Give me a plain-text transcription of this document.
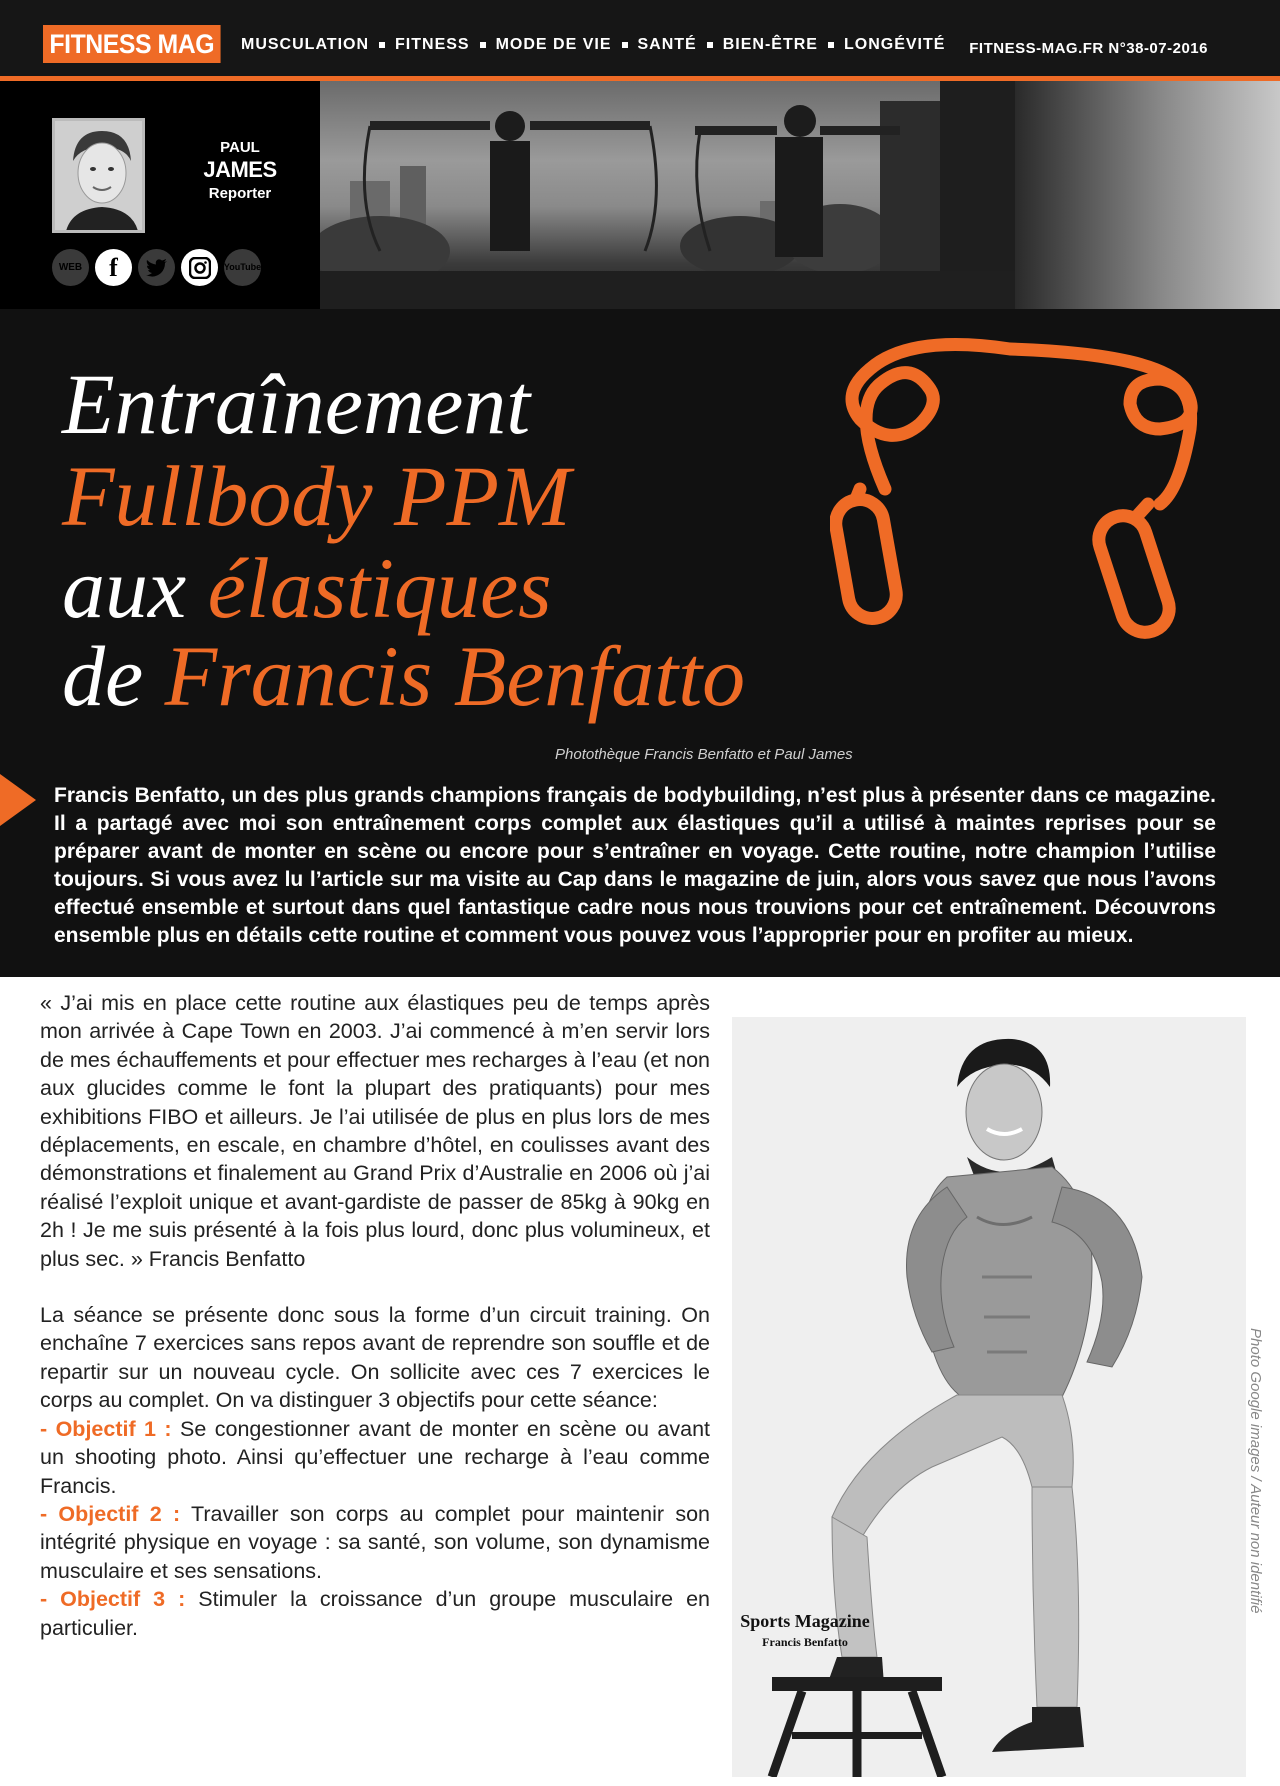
FITNESS MAG	MUSCULATION FITNESS MODE DE VIE SANTÉ BIEN-ÊTRE LONGÉVITÉ FITNESS-MAG.FR N°38-07-2016
PAUL
JAMES
Reporter
WEB f	YouTube
Entraînement
Fullbody PPM
aux élastiques
de Francis Benfatto
Photothèque Francis Benfatto et Paul James
Francis Benfatto, un des plus grands champions français de bodybuilding, n’est plus à présenter dans ce magazine. Il a partagé avec moi son entraînement corps complet aux élastiques qu’il a utilisé à maintes reprises pour se préparer avant de monter en scène ou encore pour s’entraîner en voyage. Cette routine, notre champion l’utilise toujours. Si vous avez lu l’article sur ma visite au Cap dans le magazine de juin, alors vous savez que nous l’avons effectué ensemble et surtout dans quel fantastique cadre nous nous trouvions pour cet entraînement. Découvrons ensemble plus en détails cette routine et comment vous pouvez vous l’approprier pour en profiter au mieux.

« J’ai mis en place cette routine aux élastiques peu de temps après mon arrivée à Cape Town en 2003. J’ai commencé à m’en servir lors de mes échauffements et pour effectuer mes recharges à l’eau (et non aux glucides comme le font la plupart des pratiquants) pour mes exhibitions FIBO et ailleurs. Je l’ai utilisée de plus en plus lors de mes déplacements, en escale, en chambre d’hôtel, en coulisses avant des démonstrations et finalement au Grand Prix d’Australie en 2006 où j’ai réalisé l’exploit unique et avant-gardiste de passer de 85kg à 90kg en 2h ! Je me suis présenté à la fois plus lourd, donc plus volumineux, et plus sec. » Francis Benfatto

La séance se présente donc sous la forme d’un circuit training. On enchaîne 7 exercices sans repos avant de reprendre son souffle et de repartir sur un nouveau cycle. On sollicite avec ces 7 exercices le corps au complet. On va distinguer 3 objectifs pour cette séance:
- Objectif 1 : Se congestionner avant de monter en scène ou avant un shooting photo. Ainsi qu’effectuer une recharge à l’eau comme Francis.
- Objectif 2 : Travailler son corps au complet pour maintenir son intégrité physique en voyage : sa santé, son volume, son dynamisme musculaire et ses sensations.
- Objectif 3 : Stimuler la croissance d’un groupe musculaire en particulier.
Photo Google images / Auteur non identifié
Sports Magazine
Francis Benfatto
